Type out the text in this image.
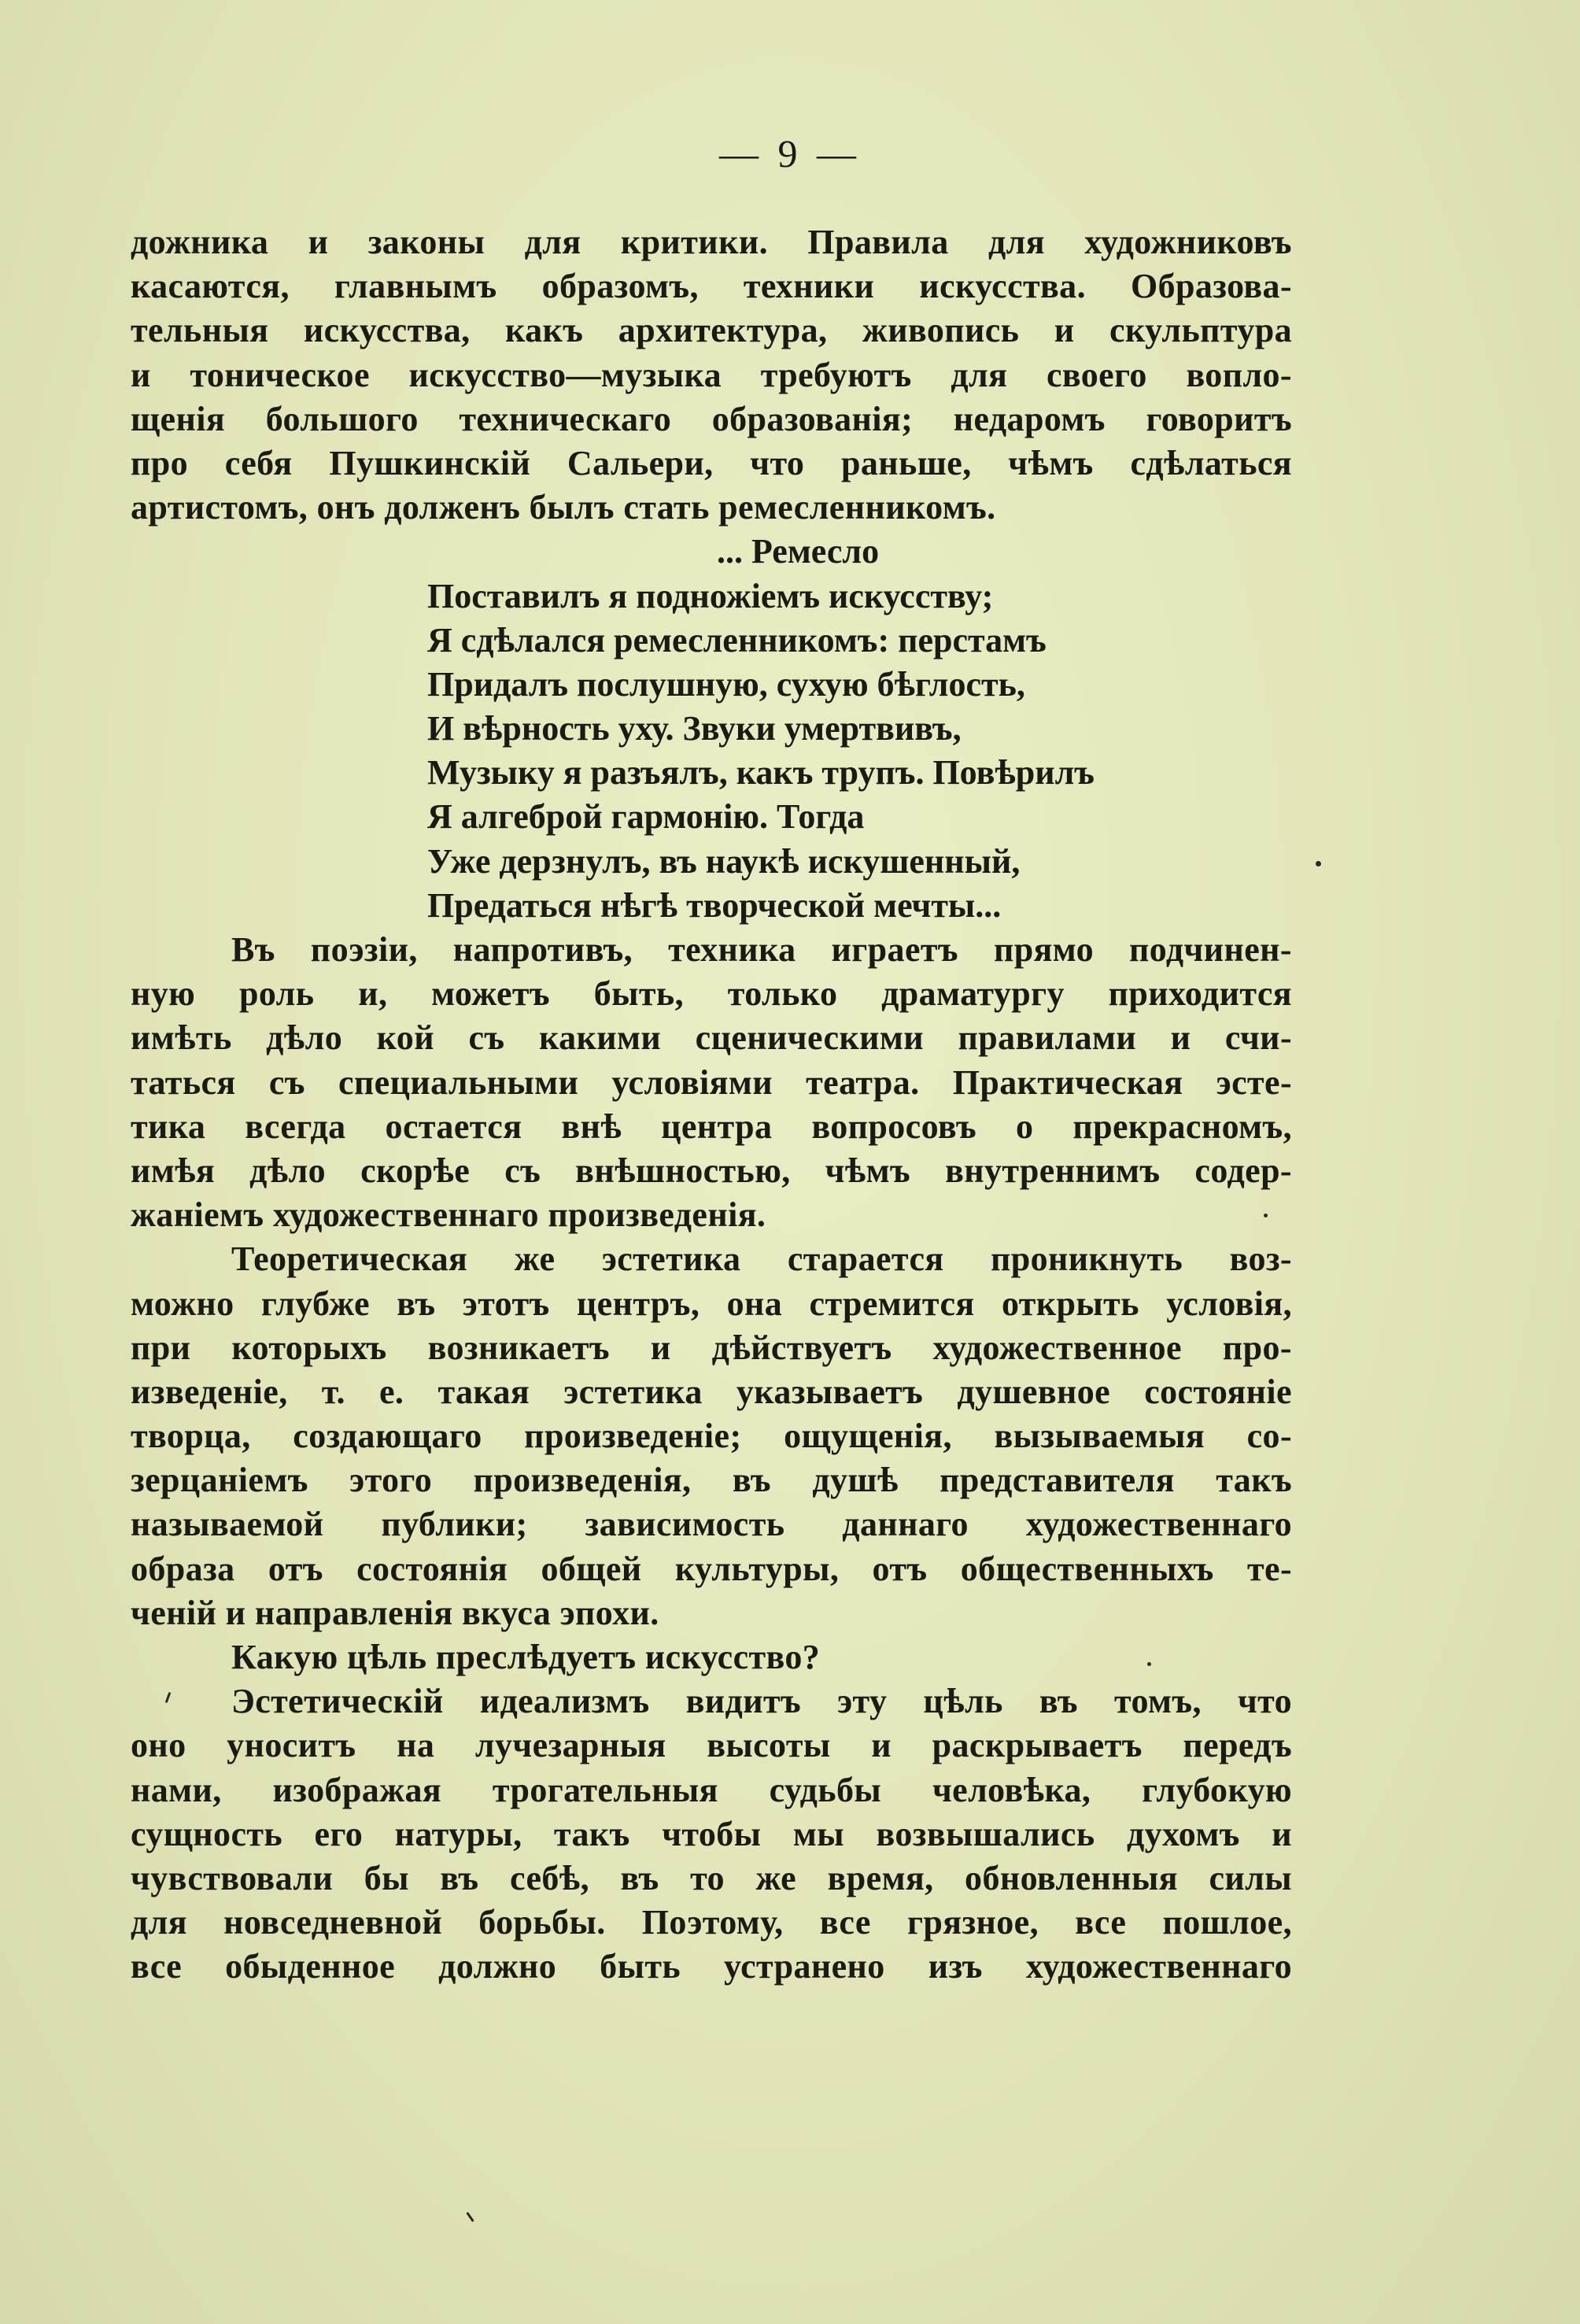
— 9 —
дожника и законы для критики. Правила для художниковъ
касаются, главнымъ образомъ, техники искусства. Образова-
тельныя искусства, какъ архитектура, живопись и скульптура
и тоническое искусство—музыка требуютъ для своего вопло-
щенія большого техническаго образованія; недаромъ говоритъ
про себя Пушкинскій Сальери, что раньше, чѣмъ сдѣлаться
артистомъ, онъ долженъ былъ стать ремесленникомъ.
... Ремесло
Поставилъ я подножіемъ искусству;
Я сдѣлался ремесленникомъ: перстамъ
Придалъ послушную, сухую бѣглость,
И вѣрность уху. Звуки умертвивъ,
Музыку я разъялъ, какъ трупъ. Повѣрилъ
Я алгеброй гармонію. Тогда
Уже дерзнулъ, въ наукѣ искушенный,
Предаться нѣгѣ творческой мечты...
Въ поэзіи, напротивъ, техника играетъ прямо подчинен-
ную роль и, можетъ быть, только драматургу приходится
имѣть дѣло кой съ какими сценическими правилами и счи-
таться съ специальными условіями театра. Практическая эсте-
тика всегда остается внѣ центра вопросовъ о прекрасномъ,
имѣя дѣло скорѣе съ внѣшностью, чѣмъ внутреннимъ содер-
жаніемъ художественнаго произведенія.
Теоретическая же эстетика старается проникнуть воз-
можно глубже въ этотъ центръ, она стремится открыть условія,
при которыхъ возникаетъ и дѣйствуетъ художественное про-
изведеніе, т. е. такая эстетика указываетъ душевное состояніе
творца, создающаго произведеніе; ощущенія, вызываемыя со-
зерцаніемъ этого произведенія, въ душѣ представителя такъ
называемой публики; зависимость даннаго художественнаго
образа отъ состоянія общей культуры, отъ общественныхъ те-
ченій и направленія вкуса эпохи.
Какую цѣль преслѣдуетъ искусство?
Эстетическій идеализмъ видитъ эту цѣль въ томъ, что
оно уноситъ на лучезарныя высоты и раскрываетъ передъ
нами, изображая трогательныя судьбы человѣка, глубокую
сущность его натуры, такъ чтобы мы возвышались духомъ и
чувствовали бы въ себѣ, въ то же время, обновленныя силы
для новседневной борьбы. Поэтому, все грязное, все пошлое,
все обыденное должно быть устранено изъ художественнаго
